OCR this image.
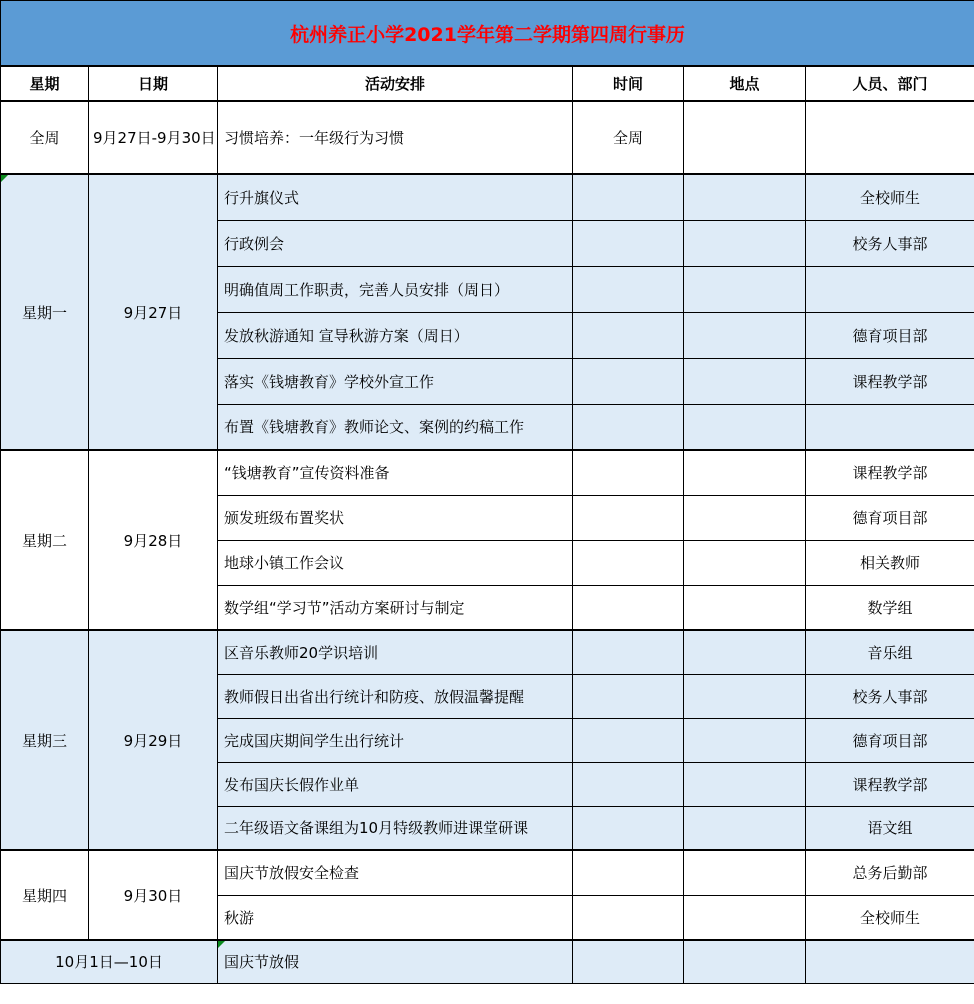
杭州养正小学2021学年第二学期第四周行事历					
星期	日期	活动安排	时间	地点	人员、部门
全周	9月27日-9月30日	习惯培养：一年级行为习惯	全周		
星期一	9月27日	行升旗仪式			全校师生
		行政例会			校务人事部
		明确值周工作职责，完善人员安排（周日）			
		发放秋游通知 宣导秋游方案（周日）			德育项目部
		落实《钱塘教育》学校外宣工作			课程教学部
		布置《钱塘教育》教师论文、案例的约稿工作			
星期二	9月28日	“钱塘教育”宣传资料准备			课程教学部
		颁发班级布置奖状			德育项目部
		地球小镇工作会议			相关教师
		数学组“学习节”活动方案研讨与制定			数学组
星期三	9月29日	区音乐教师20学识培训			音乐组
		教师假日出省出行统计和防疫、放假温馨提醒			校务人事部
		完成国庆期间学生出行统计			德育项目部
		发布国庆长假作业单			课程教学部
		二年级语文备课组为10月特级教师进课堂研课			语文组
星期四	9月30日	国庆节放假安全检查			总务后勤部
		秋游			全校师生
10月1日—10日		国庆节放假			
